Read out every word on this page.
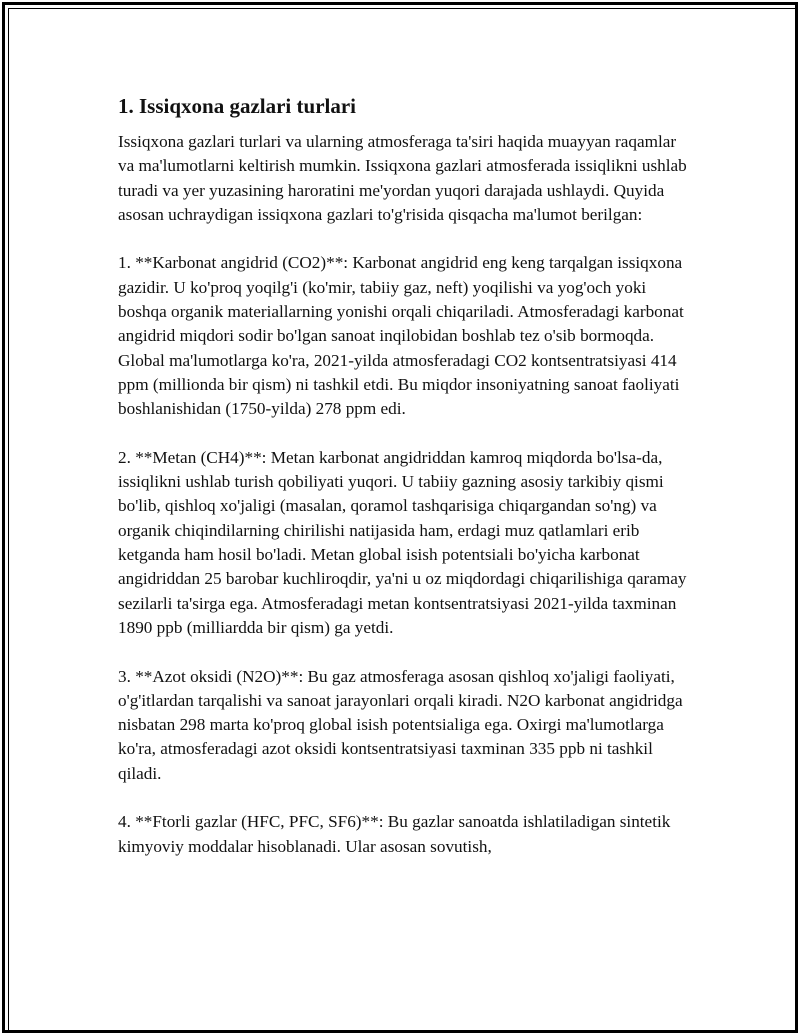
1. Issiqxona gazlari turlari

Issiqxona gazlari turlari va ularning atmosferaga ta'siri haqida muayyan raqamlar va ma'lumotlarni keltirish mumkin. Issiqxona gazlari atmosferada issiqlikni ushlab turadi va yer yuzasining haroratini me'yordan yuqori darajada ushlaydi. Quyida asosan uchraydigan issiqxona gazlari to'g'risida qisqacha ma'lumot berilgan:

1. **Karbonat angidrid (CO2)**: Karbonat angidrid eng keng tarqalgan issiqxona gazidir. U ko'proq yoqilg'i (ko'mir, tabiiy gaz, neft) yoqilishi va yog'och yoki boshqa organik materiallarning yonishi orqali chiqariladi. Atmosferadagi karbonat angidrid miqdori sodir bo'lgan sanoat inqilobidan boshlab tez o'sib bormoqda. Global ma'lumotlarga ko'ra, 2021-yilda atmosferadagi CO2 kontsentratsiyasi 414 ppm (millionda bir qism) ni tashkil etdi. Bu miqdor insoniyatning sanoat faoliyati boshlanishidan (1750-yilda) 278 ppm edi.

2. **Metan (CH4)**: Metan karbonat angidriddan kamroq miqdorda bo'lsa-da, issiqlikni ushlab turish qobiliyati yuqori. U tabiiy gazning asosiy tarkibiy qismi bo'lib, qishloq xo'jaligi (masalan, qoramol tashqarisiga chiqargandan so'ng) va organik chiqindilarning chirilishi natijasida ham, erdagi muz qatlamlari erib ketganda ham hosil bo'ladi. Metan global isish potentsiali bo'yicha karbonat angidriddan 25 barobar kuchliroqdir, ya'ni u oz miqdordagi chiqarilishiga qaramay sezilarli ta'sirga ega. Atmosferadagi metan kontsentratsiyasi 2021-yilda taxminan 1890 ppb (milliardda bir qism) ga yetdi.

3. **Azot oksidi (N2O)**: Bu gaz atmosferaga asosan qishloq xo'jaligi faoliyati, o'g'itlardan tarqalishi va sanoat jarayonlari orqali kiradi. N2O karbonat angidridga nisbatan 298 marta ko'proq global isish potentsialiga ega. Oxirgi ma'lumotlarga ko'ra, atmosferadagi azot oksidi kontsentratsiyasi taxminan 335 ppb ni tashkil qiladi.

4. **Ftorli gazlar (HFC, PFC, SF6)**: Bu gazlar sanoatda ishlatiladigan sintetik kimyoviy moddalar hisoblanadi. Ular asosan sovutish,
